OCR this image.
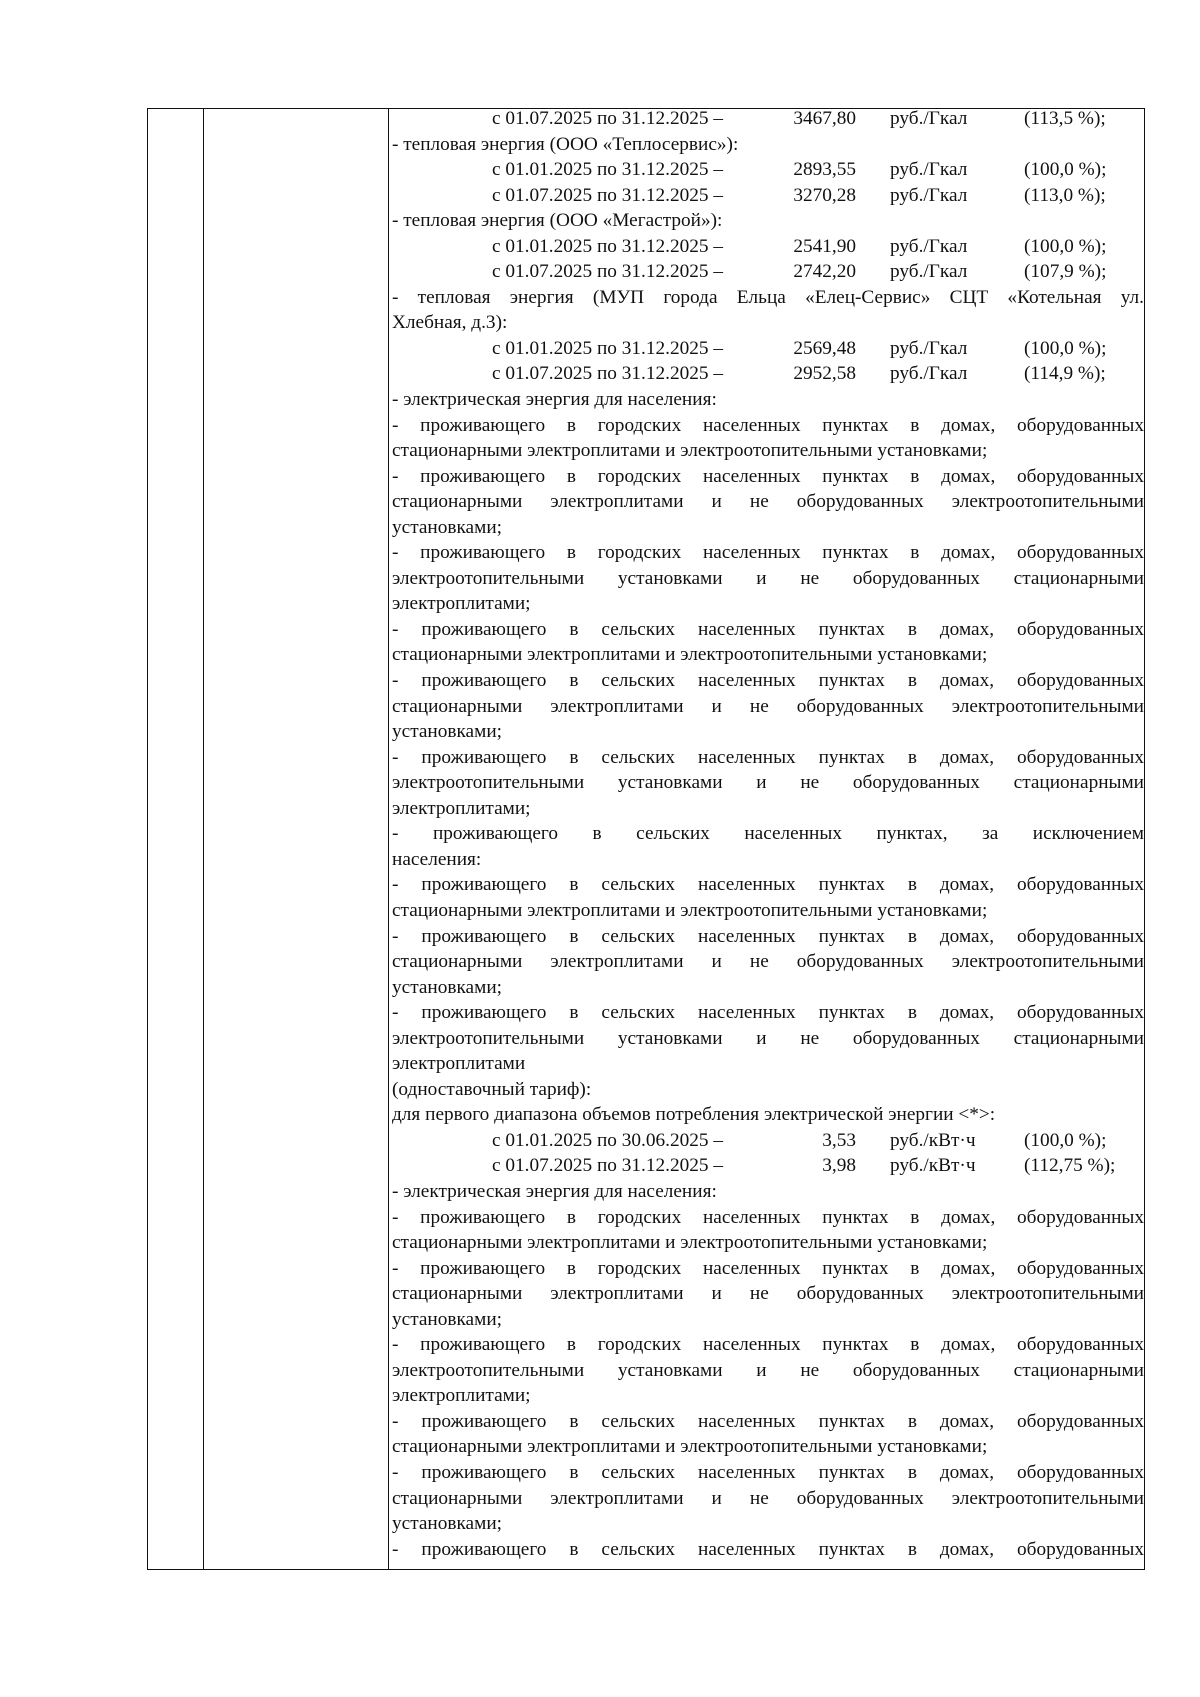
с 01.07.2025 по 31.12.2025 –	3467,80 руб./Гкал	(113,5 %);
- тепловая энергия (ООО «Теплосервис»):
с 01.01.2025 по 31.12.2025 –	2893,55 руб./Гкал	(100,0 %);
с 01.07.2025 по 31.12.2025 –	3270,28 руб./Гкал	(113,0 %);
- тепловая энергия (ООО «Мегастрой»):
с 01.01.2025 по 31.12.2025 –	2541,90 руб./Гкал	(100,0 %);
с 01.07.2025 по 31.12.2025 –	2742,20 руб./Гкал	(107,9 %);
- тепловая энергия (МУП города Ельца «Елец-Сервис» СЦТ «Котельная ул.
Хлебная, д.3):
с 01.01.2025 по 31.12.2025 –	2569,48 руб./Гкал	(100,0 %);
с 01.07.2025 по 31.12.2025 –	2952,58 руб./Гкал	(114,9 %);
- электрическая энергия для населения:
- проживающего в городских населенных пунктах в домах, оборудованных
стационарными электроплитами и электроотопительными установками;
- проживающего в городских населенных пунктах в домах, оборудованных
стационарными электроплитами и не оборудованных электроотопительными
установками;
- проживающего в городских населенных пунктах в домах, оборудованных
электроотопительными установками и не оборудованных стационарными
электроплитами;
- проживающего в сельских населенных пунктах в домах, оборудованных
стационарными электроплитами и электроотопительными установками;
- проживающего в сельских населенных пунктах в домах, оборудованных
стационарными электроплитами и не оборудованных электроотопительными
установками;
- проживающего в сельских населенных пунктах в домах, оборудованных
электроотопительными установками и не оборудованных стационарными
электроплитами;
- проживающего в сельских населенных пунктах, за исключением
населения:
- проживающего в сельских населенных пунктах в домах, оборудованных
стационарными электроплитами и электроотопительными установками;
- проживающего в сельских населенных пунктах в домах, оборудованных
стационарными электроплитами и не оборудованных электроотопительными
установками;
- проживающего в сельских населенных пунктах в домах, оборудованных
электроотопительными установками и не оборудованных стационарными
электроплитами
(одноставочный тариф):
для первого диапазона объемов потребления электрической энергии <*>:
с 01.01.2025 по 30.06.2025 –	3,53 руб./кВт·ч	(100,0 %);
с 01.07.2025 по 31.12.2025 –	3,98 руб./кВт·ч	(112,75 %);
- электрическая энергия для населения:
- проживающего в городских населенных пунктах в домах, оборудованных
стационарными электроплитами и электроотопительными установками;
- проживающего в городских населенных пунктах в домах, оборудованных
стационарными электроплитами и не оборудованных электроотопительными
установками;
- проживающего в городских населенных пунктах в домах, оборудованных
электроотопительными установками и не оборудованных стационарными
электроплитами;
- проживающего в сельских населенных пунктах в домах, оборудованных
стационарными электроплитами и электроотопительными установками;
- проживающего в сельских населенных пунктах в домах, оборудованных
стационарными электроплитами и не оборудованных электроотопительными
установками;
- проживающего в сельских населенных пунктах в домах, оборудованных
